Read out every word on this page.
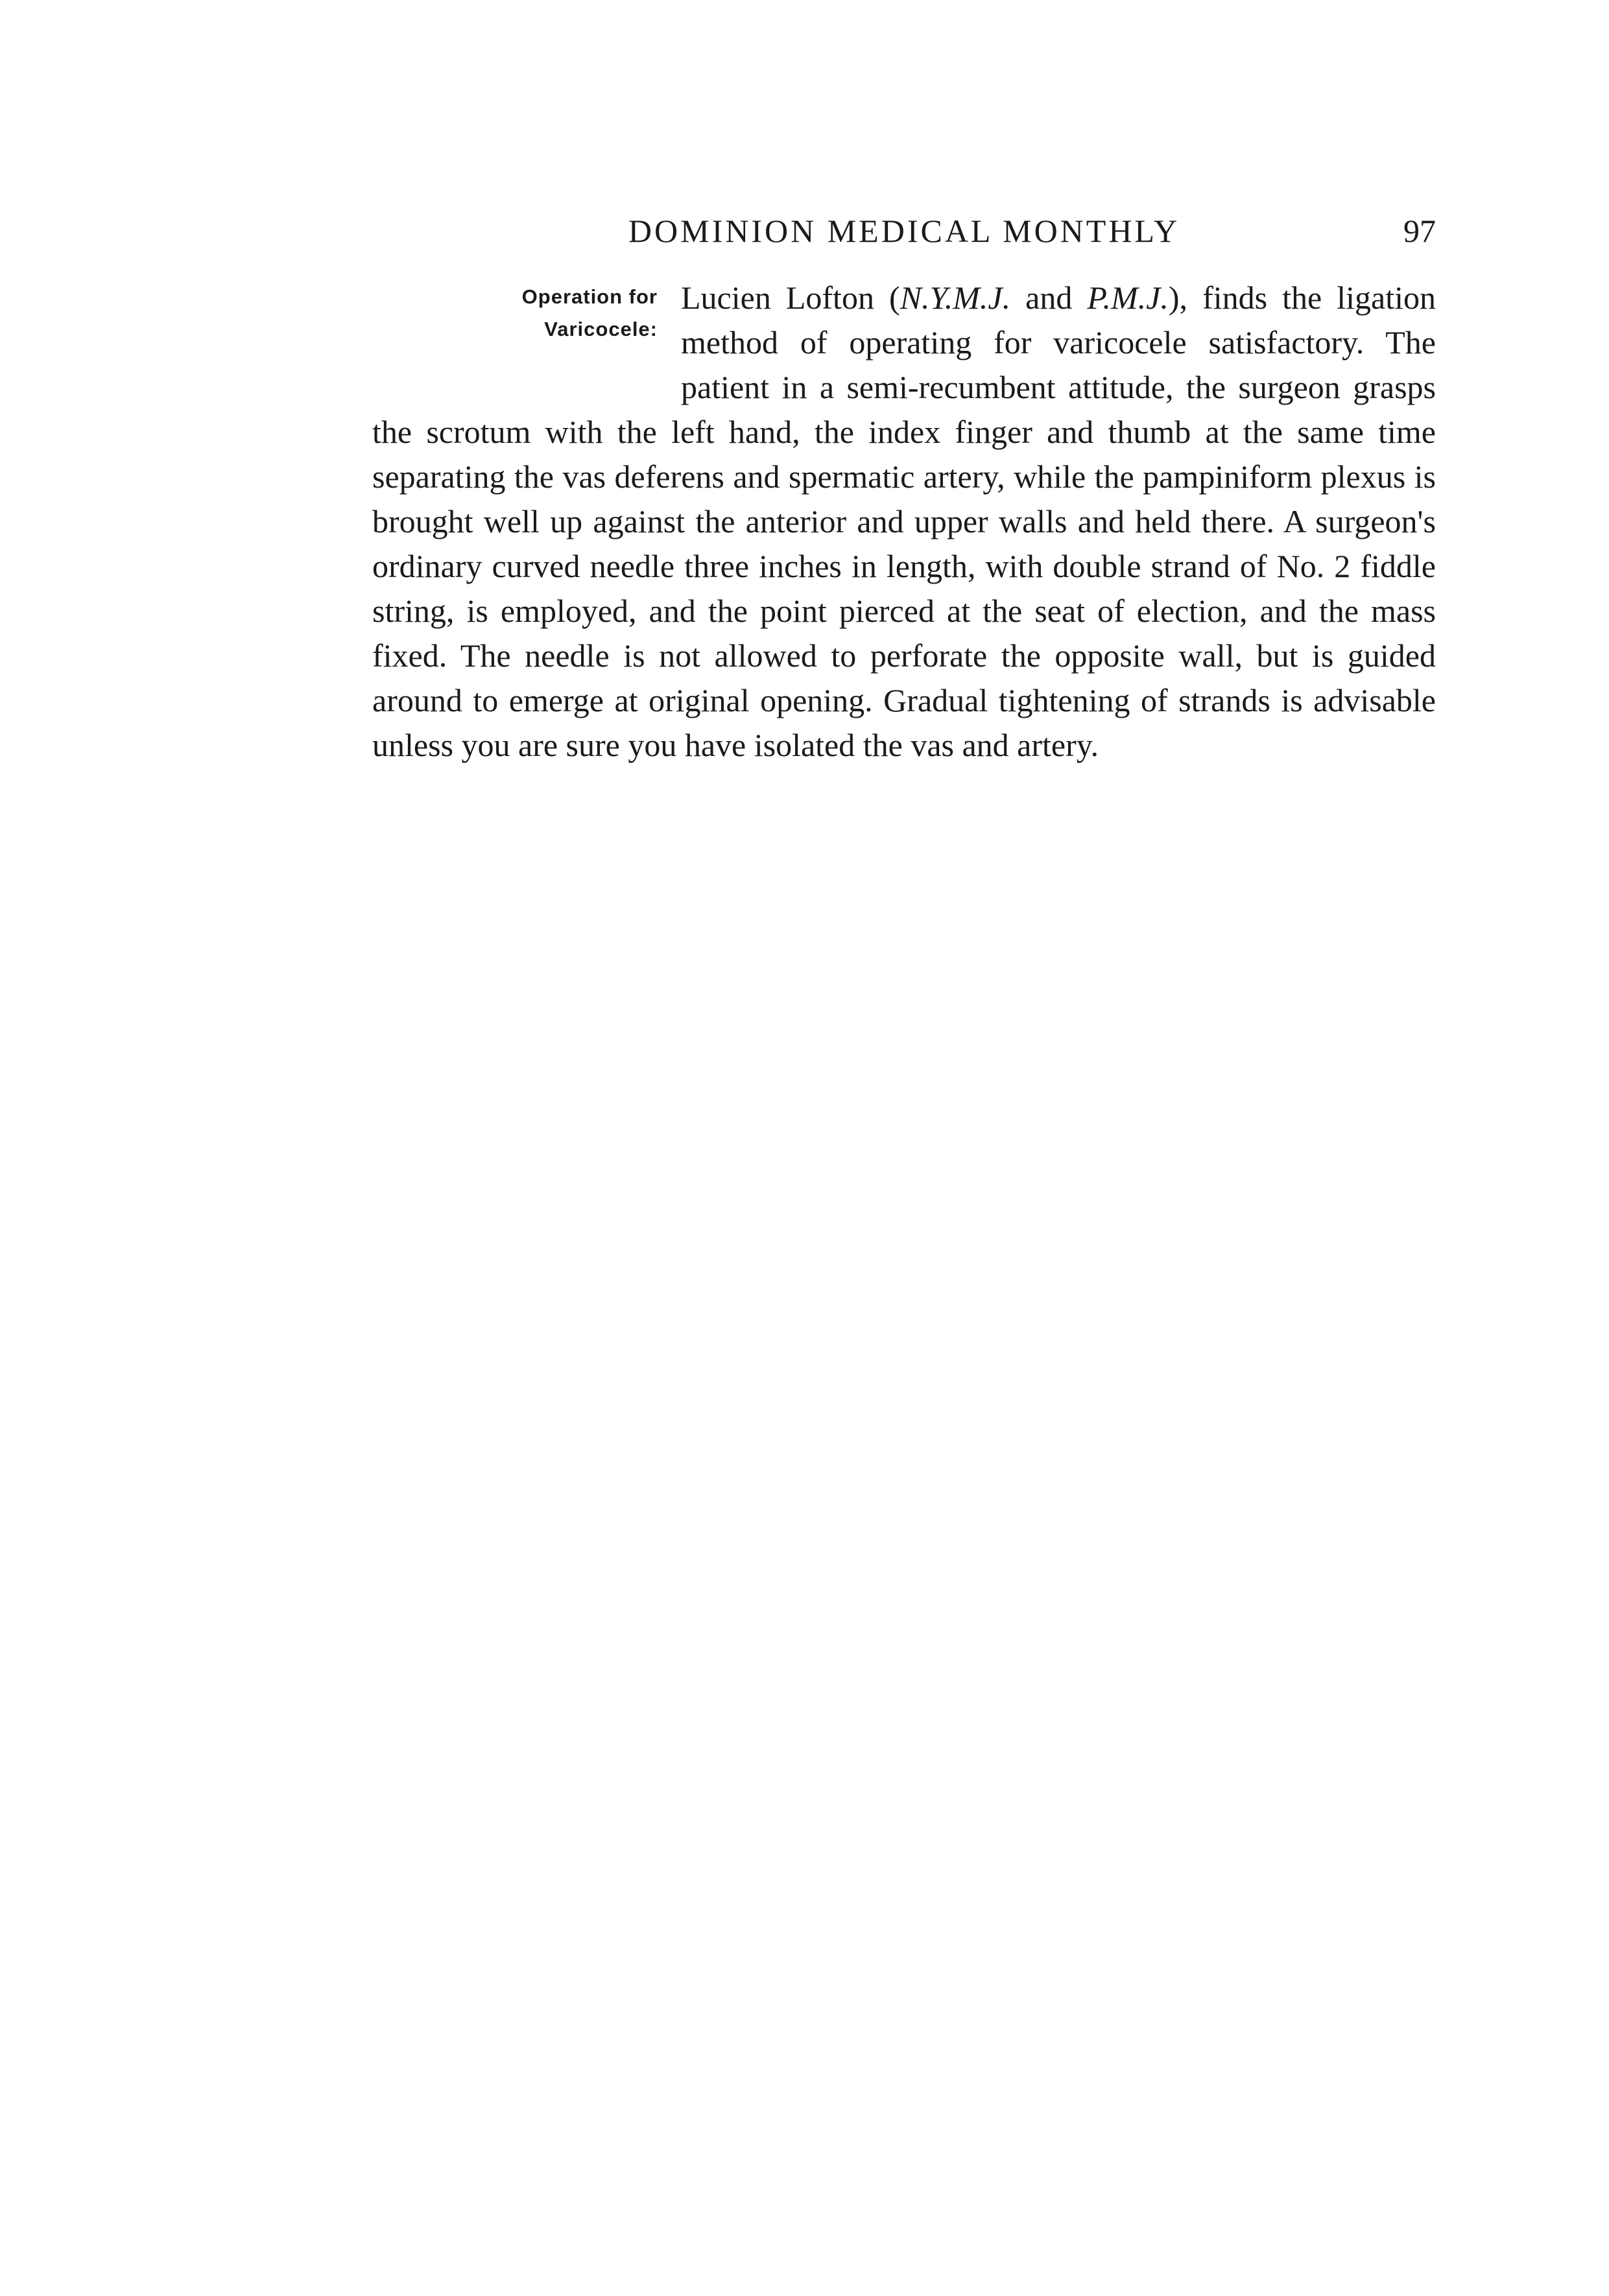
DOMINION MEDICAL MONTHLY	97
Operation for
Varicocele:

Lucien Lofton (N.Y.M.J. and P.M.J.), finds the ligation method of operating for varicocele satisfactory. The patient in a semi-recumbent attitude, the surgeon grasps the scrotum with the left hand, the index finger and thumb at the same time separating the vas deferens and spermatic artery, while the pampiniform plexus is brought well up against the anterior and upper walls and held there. A surgeon's ordinary curved needle three inches in length, with double strand of No. 2 fiddle string, is employed, and the point pierced at the seat of election, and the mass fixed. The needle is not allowed to perforate the opposite wall, but is guided around to emerge at original opening. Gradual tightening of strands is advisable unless you are sure you have isolated the vas and artery.
